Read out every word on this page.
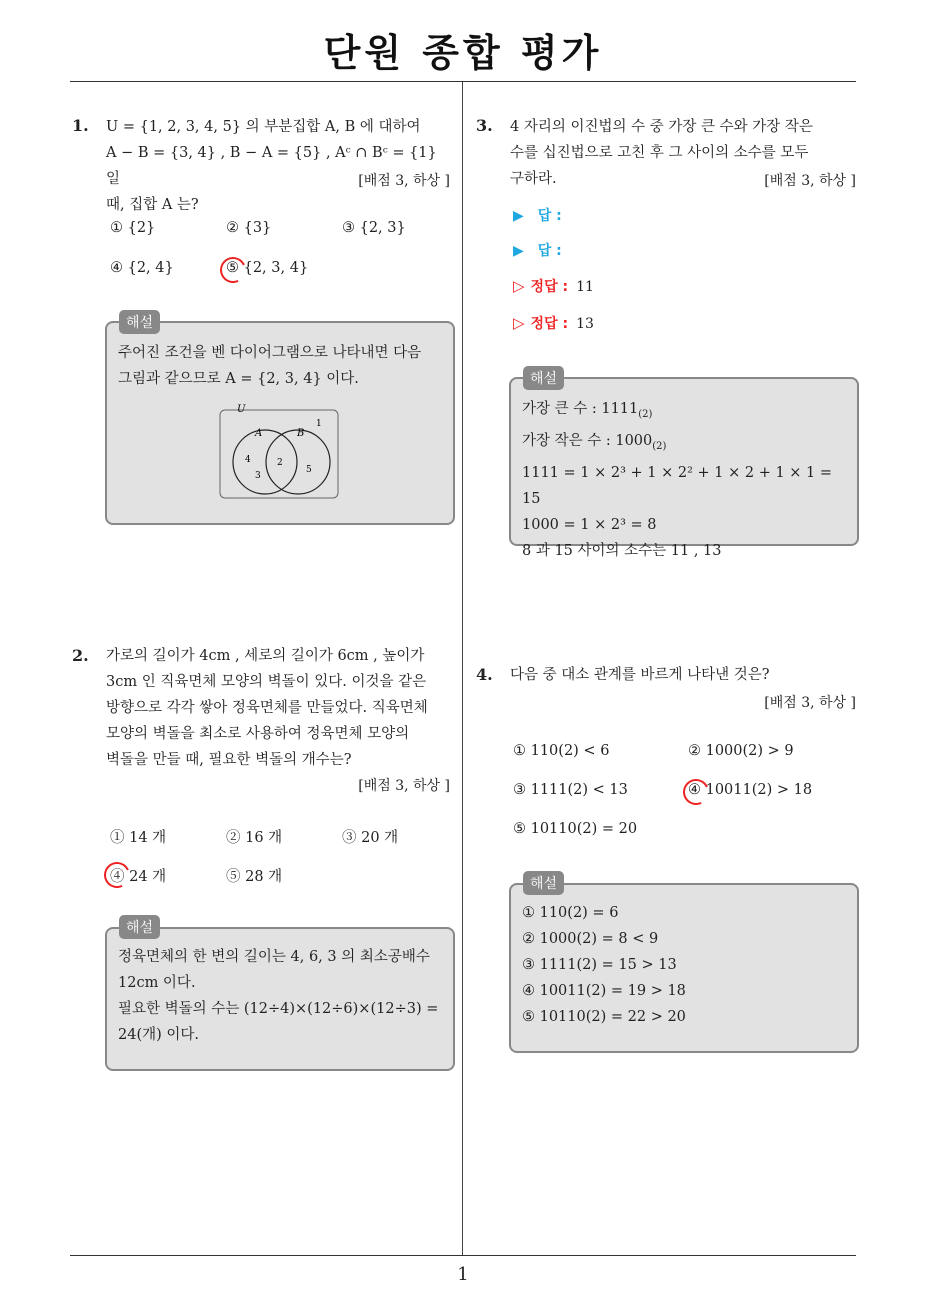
단원 종합 평가
1
1. U = {1, 2, 3, 4, 5} 의 부분집합 A, B 에 대하여
A − B = {3, 4} , B − A = {5} , Aᶜ ∩ Bᶜ = {1} 일
때, 집합 A 는?
[배점 3, 하상 ]
① {2}	② {3}	③ {2, 3}
④ {2, 4}	⑤ {2, 3, 4}
해설
주어진 조건을 벤 다이어그램으로 나타내면 다음
그림과 같으므로 A = {2, 3, 4} 이다.
U
A	B
1
2
3
4
5
2. 가로의 길이가 4cm , 세로의 길이가 6cm , 높이가
3cm 인 직육면체 모양의 벽돌이 있다. 이것을 같은
방향으로 각각 쌓아 정육면체를 만들었다. 직육면체
모양의 벽돌을 최소로 사용하여 정육면체 모양의
벽돌을 만들 때, 필요한 벽돌의 개수는?
[배점 3, 하상 ]
① 14 개	② 16 개	③ 20 개
④ 24 개	⑤ 28 개
해설
정육면체의 한 변의 길이는 4, 6, 3 의 최소공배수
12cm 이다.
필요한 벽돌의 수는 (12÷4)×(12÷6)×(12÷3) =
24(개) 이다.
3. 4 자리의 이진법의 수 중 가장 큰 수와 가장 작은
수를 십진법으로 고친 후 그 사이의 소수를 모두
구하라.	[배점 3, 하상 ]
▶ 답 :
▶ 답 :
▷ 정답 : 11
▷ 정답 : 13
해설
가장 큰 수 : $1111_{(2)}$
가장 작은 수 : $1000_{(2)}$
1111 = 1 × 2³ + 1 × 2² + 1 × 2 + 1 × 1 = 15
1000 = 1 × 2³ = 8
8 과 15 사이의 소수는 11 , 13
4. 다음 중 대소 관계를 바르게 나타낸 것은?
[배점 3, 하상 ]
① 110(2) < 6	② 1000(2) > 9
③ 1111(2) < 13	④ 10011(2) > 18
⑤ 10110(2) = 20
해설
① 110(2) = 6
② 1000(2) = 8 < 9
③ 1111(2) = 15 > 13
④ 10011(2) = 19 > 18
⑤ 10110(2) = 22 > 20
